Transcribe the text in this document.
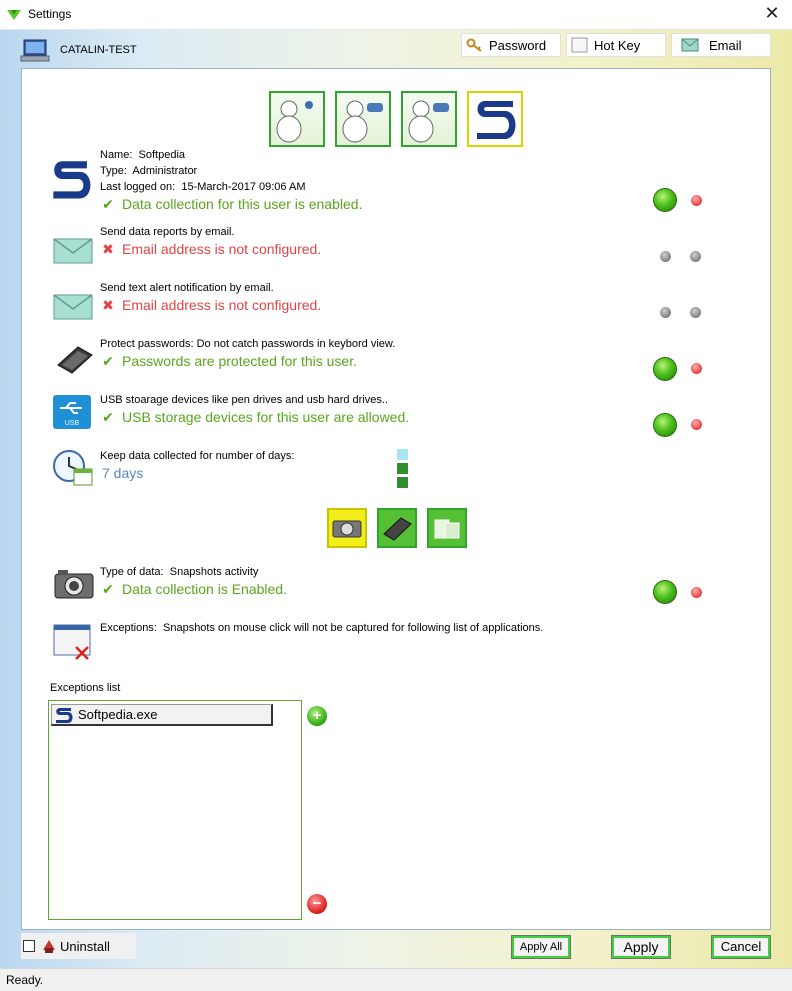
Settings	✕
CATALIN-TEST	Password	Hot Key	Email
Name: Softpedia
Type: Administrator
Last logged on: 15-March-2017 09:06 AM
✔ Data collection for this user is enabled.
Send data reports by email.
✖ Email address is not configured.
Send text alert notification by email.
✖ Email address is not configured.
Protect passwords: Do not catch passwords in keybord view.
✔ Passwords are protected for this user.
USB
USB stoarage devices like pen drives and usb hard drives..
✔ USB storage devices for this user are allowed.
Keep data collected for number of days:
7 days
Type of data: Snapshots activity
✔ Data collection is Enabled.
Exceptions: Snapshots on mouse click will not be captured for following list of applications.
Exceptions list
Softpedia.exe	+
−
Uninstall	Apply All	Apply	Cancel
Ready.
